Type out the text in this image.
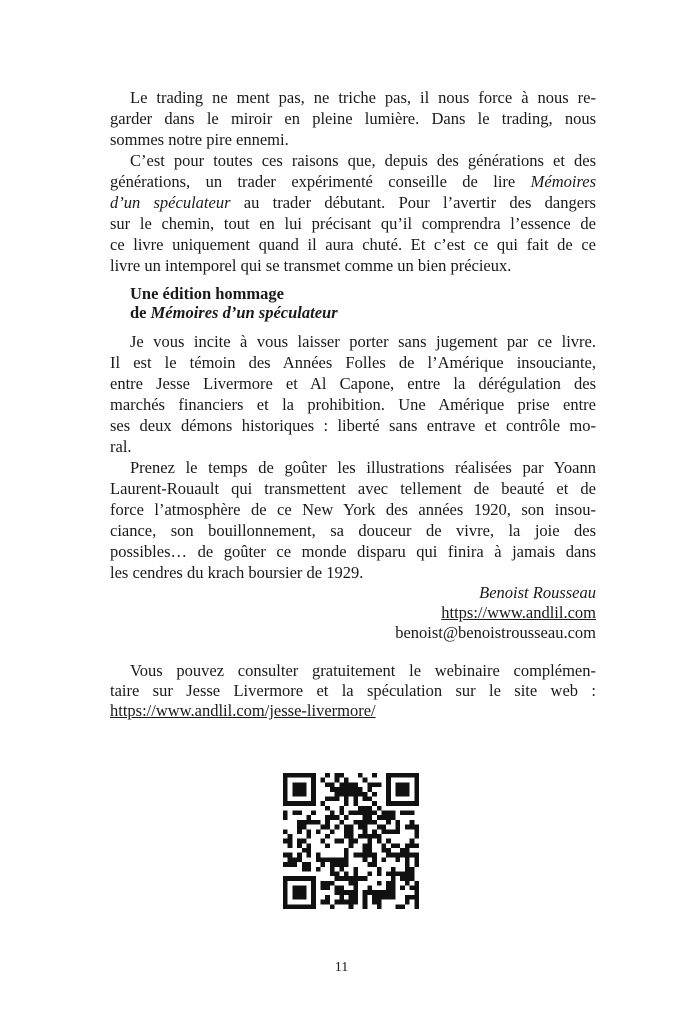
Le trading ne ment pas, ne triche pas, il nous force à nous re-
garder dans le miroir en pleine lumière. Dans le trading, nous
sommes notre pire ennemi.
C’est pour toutes ces raisons que, depuis des générations et des
générations, un trader expérimenté conseille de lire Mémoires
d’un spéculateur au trader débutant. Pour l’avertir des dangers
sur le chemin, tout en lui précisant qu’il comprendra l’essence de
ce livre uniquement quand il aura chuté. Et c’est ce qui fait de ce
livre un intemporel qui se transmet comme un bien précieux.
Une édition hommage
de Mémoires d’un spéculateur
Je vous incite à vous laisser porter sans jugement par ce livre.
Il est le témoin des Années Folles de l’Amérique insouciante,
entre Jesse Livermore et Al Capone, entre la dérégulation des
marchés financiers et la prohibition. Une Amérique prise entre
ses deux démons historiques : liberté sans entrave et contrôle mo-
ral.
Prenez le temps de goûter les illustrations réalisées par Yoann
Laurent-Rouault qui transmettent avec tellement de beauté et de
force l’atmosphère de ce New York des années 1920, son insou-
ciance, son bouillonnement, sa douceur de vivre, la joie des
possibles… de goûter ce monde disparu qui finira à jamais dans
les cendres du krach boursier de 1929.
Benoist Rousseau
https://www.andlil.com
benoist@benoistrousseau.com
Vous pouvez consulter gratuitement le webinaire complémen-
taire sur Jesse Livermore et la spéculation sur le site web :
https://www.andlil.com/jesse-livermore/
11
